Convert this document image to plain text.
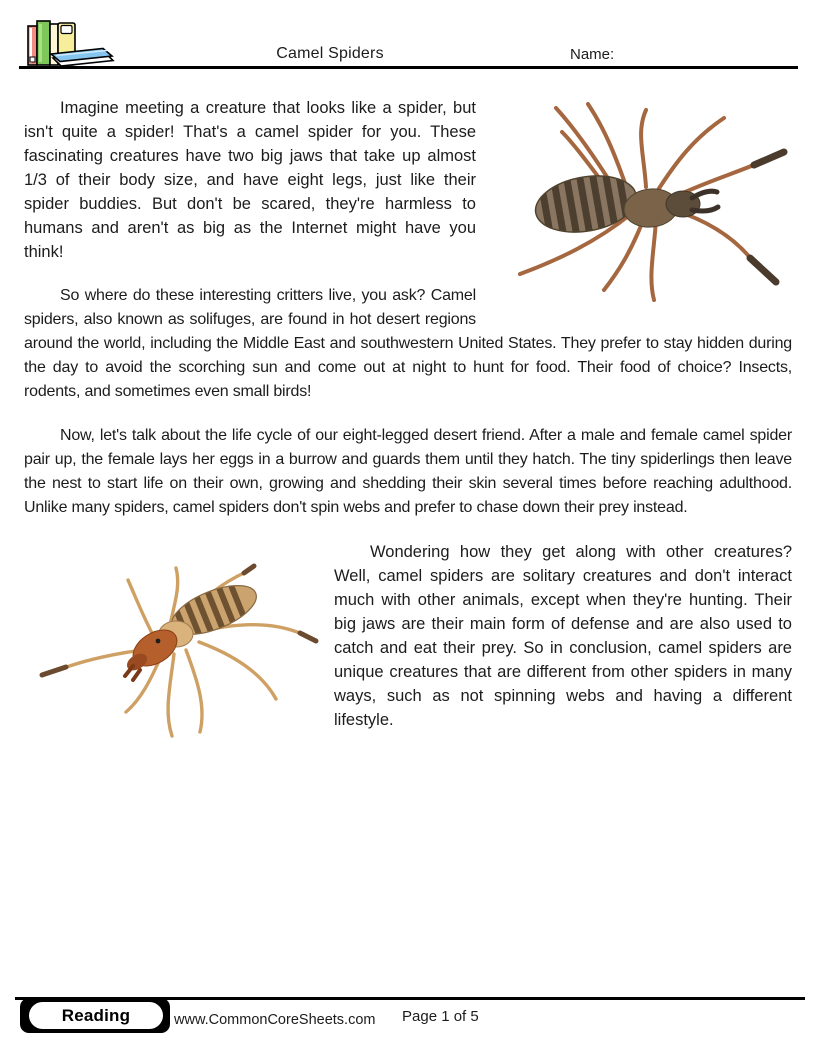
Camel Spiders	Name:

Imagine meeting a creature that looks like a spider, but isn't quite a spider! That's a camel spider for you. These fascinating creatures have two big jaws that take up almost 1/3 of their body size, and have eight legs, just like their spider buddies. But don't be scared, they're harmless to humans and aren't as big as the Internet might have you think!

So where do these interesting critters live, you ask? Camel spiders, also known as solifuges, are found in hot desert regions around the world, including the Middle East and southwestern United States. They prefer to stay hidden during the day to avoid the scorching sun and come out at night to hunt for food. Their food of choice? Insects, rodents, and sometimes even small birds!

Now, let's talk about the life cycle of our eight-legged desert friend. After a male and female camel spider pair up, the female lays her eggs in a burrow and guards them until they hatch. The tiny spiderlings then leave the nest to start life on their own, growing and shedding their skin several times before reaching adulthood. Unlike many spiders, camel spiders don't spin webs and prefer to chase down their prey instead.

Wondering how they get along with other creatures? Well, camel spiders are solitary creatures and don't interact much with other animals, except when they're hunting. Their big jaws are their main form of defense and are also used to catch and eat their prey. So in conclusion, camel spiders are unique creatures that are different from other spiders in many ways, such as not spinning webs and having a different lifestyle.

Reading	www.CommonCoreSheets.com Page 1 of 5
